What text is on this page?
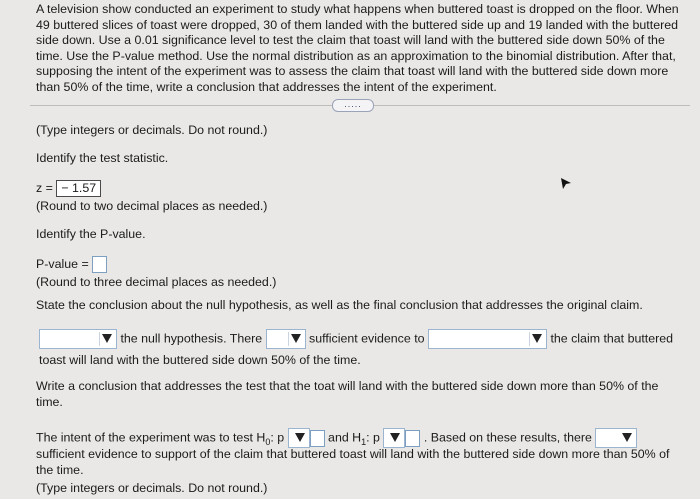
A television show conducted an experiment to study what happens when buttered toast is dropped on the floor. When 49 buttered slices of toast were dropped, 30 of them landed with the buttered side up and 19 landed with the buttered side down. Use a 0.01 significance level to test the claim that toast will land with the buttered side down 50% of the time. Use the P-value method. Use the normal distribution as an approximation to the binomial distribution. After that, supposing the intent of the experiment was to assess the claim that toast will land with the buttered side down more than 50% of the time, write a conclusion that addresses the intent of the experiment.

.....
(Type integers or decimals. Do not round.)
Identify the test statistic.
z = − 1.57
(Round to two decimal places as needed.)
Identify the P-value.
P-value =
(Round to three decimal places as needed.)
State the conclusion about the null hypothesis, as well as the final conclusion that addresses the original claim.
the null hypothesis. There	sufficient evidence to	the claim that buttered
toast will land with the buttered side down 50% of the time.
Write a conclusion that addresses the test that the toat will land with the buttered side down more than 50% of the time.
The intent of the experiment was to test $H_0$: p	and $H_1$: p	. Based on these results, there
sufficient evidence to support of the claim that buttered toast will land with the buttered side down more than 50% of the time.
(Type integers or decimals. Do not round.)
